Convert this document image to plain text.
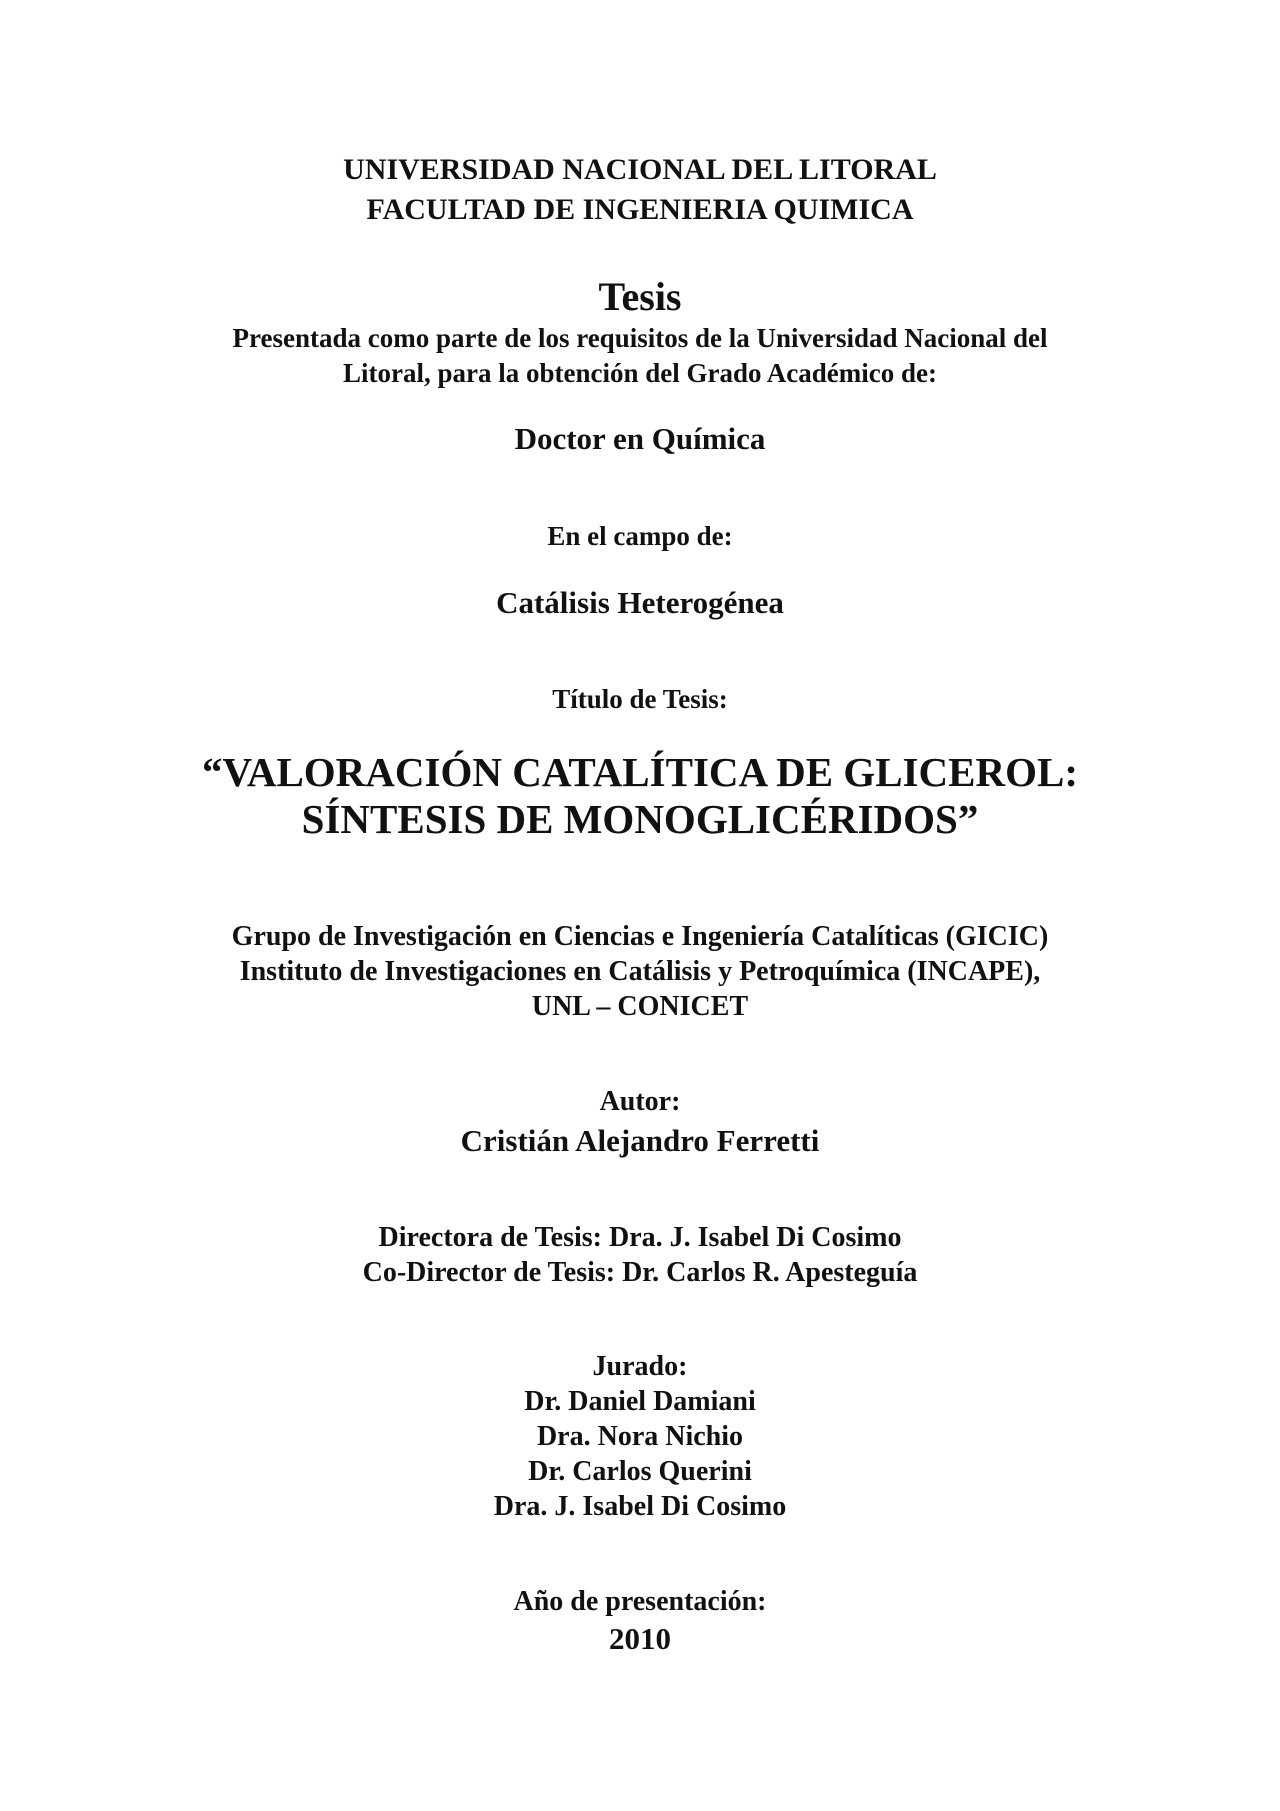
UNIVERSIDAD NACIONAL DEL LITORAL
FACULTAD DE INGENIERIA QUIMICA
Tesis
Presentada como parte de los requisitos de la Universidad Nacional del
Litoral, para la obtención del Grado Académico de:
Doctor en Química
En el campo de:
Catálisis Heterogénea
Título de Tesis:
“VALORACIÓN CATALÍTICA DE GLICEROL:
SÍNTESIS DE MONOGLICÉRIDOS”
Grupo de Investigación en Ciencias e Ingeniería Catalíticas (GICIC)
Instituto de Investigaciones en Catálisis y Petroquímica (INCAPE),
UNL – CONICET
Autor:
Cristián Alejandro Ferretti
Directora de Tesis: Dra. J. Isabel Di Cosimo
Co-Director de Tesis: Dr. Carlos R. Apesteguía
Jurado:
Dr. Daniel Damiani
Dra. Nora Nichio
Dr. Carlos Querini
Dra. J. Isabel Di Cosimo
Año de presentación:
2010
